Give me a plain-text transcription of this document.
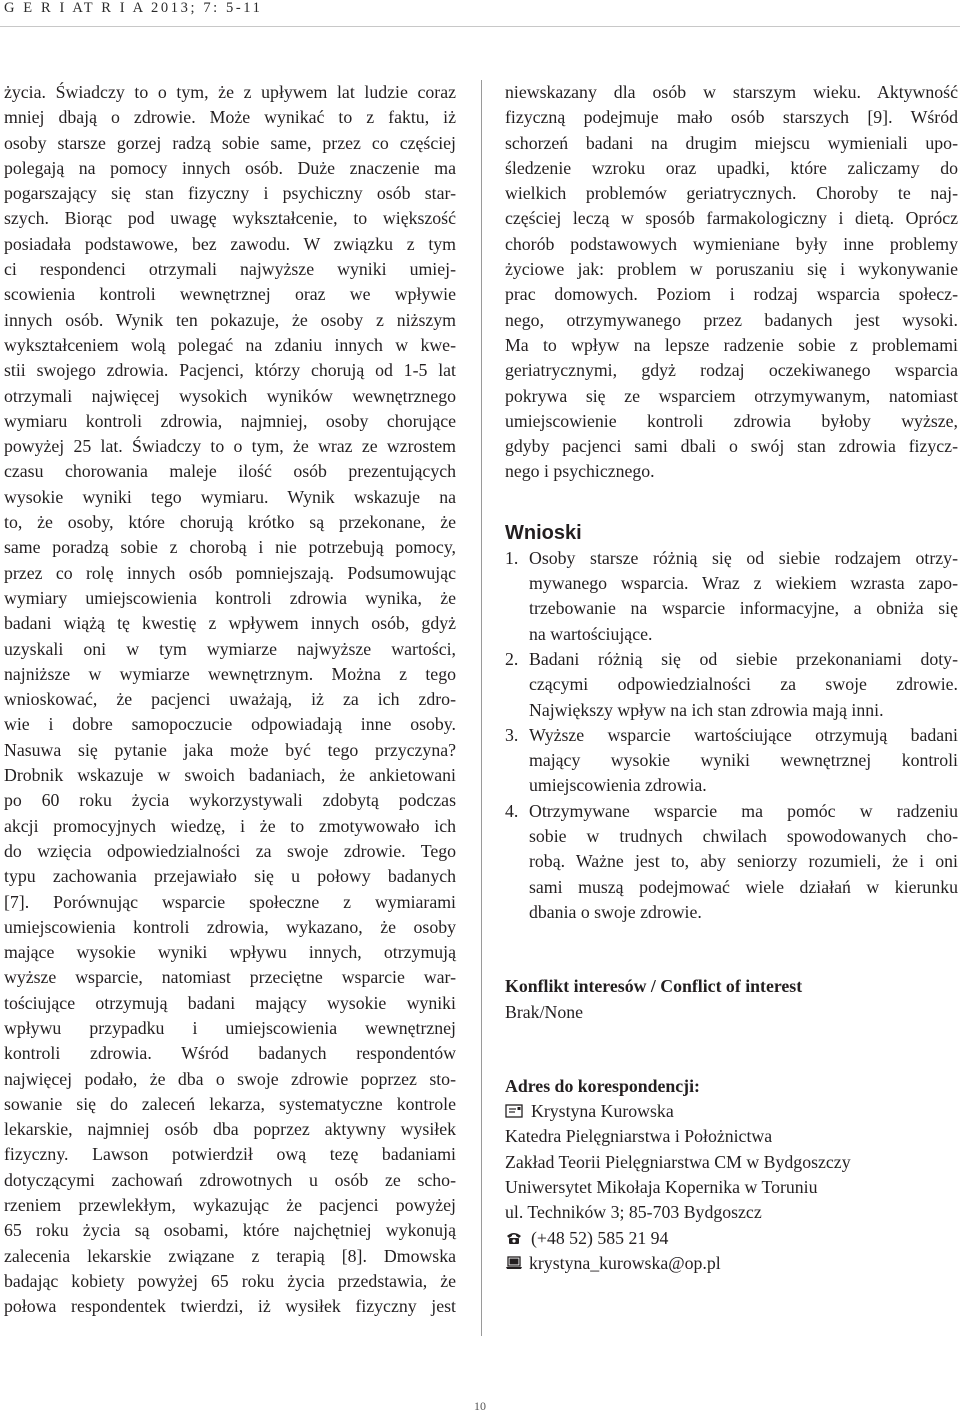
G E R I AT R I A 2013; 7: 5-11

życia. Świadczy to o tym, że z upływem lat ludzie coraz

mniej dbają o zdrowie. Może wynikać to z faktu, iż

osoby starsze gorzej radzą sobie same, przez co częściej

polegają na pomocy innych osób. Duże znaczenie ma

pogarszający się stan fizyczny i psychiczny osób star-

szych. Biorąc pod uwagę wykształcenie, to większość

posiadała podstawowe, bez zawodu. W związku z tym

ci respondenci otrzymali najwyższe wyniki umiej-

scowienia kontroli wewnętrznej oraz we wpływie

innych osób. Wynik ten pokazuje, że osoby z niższym

wykształceniem wolą polegać na zdaniu innych w kwe-

stii swojego zdrowia. Pacjenci, którzy chorują od 1-5 lat

otrzymali najwięcej wysokich wyników wewnętrznego

wymiaru kontroli zdrowia, najmniej, osoby chorujące

powyżej 25 lat. Świadczy to o tym, że wraz ze wzrostem

czasu chorowania maleje ilość osób prezentujących

wysokie wyniki tego wymiaru. Wynik wskazuje na

to, że osoby, które chorują krótko są przekonane, że

same poradzą sobie z chorobą i nie potrzebują pomocy,

przez co rolę innych osób pomniejszają. Podsumowując

wymiary umiejscowienia kontroli zdrowia wynika, że

badani wiążą tę kwestię z wpływem innych osób, gdyż

uzyskali oni w tym wymiarze najwyższe wartości,

najniższe w wymiarze wewnętrznym. Można z tego

wnioskować, że pacjenci uważają, iż za ich zdro-

wie i dobre samopoczucie odpowiadają inne osoby.

Nasuwa się pytanie jaka może być tego przyczyna?

Drobnik wskazuje w swoich badaniach, że ankietowani

po 60 roku życia wykorzystywali zdobytą podczas

akcji promocyjnych wiedzę, i że to zmotywowało ich

do wzięcia odpowiedzialności za swoje zdrowie. Tego

typu zachowania przejawiało się u połowy badanych

[7]. Porównując wsparcie społeczne z wymiarami

umiejscowienia kontroli zdrowia, wykazano, że osoby

mające wysokie wyniki wpływu innych, otrzymują

wyższe wsparcie, natomiast przeciętne wsparcie war-

tościujące otrzymują badani mający wysokie wyniki

wpływu przypadku i umiejscowienia wewnętrznej

kontroli zdrowia. Wśród badanych respondentów

najwięcej podało, że dba o swoje zdrowie poprzez sto-

sowanie się do zaleceń lekarza, systematyczne kontrole

lekarskie, najmniej osób dba poprzez aktywny wysiłek

fizyczny. Lawson potwierdził ową tezę badaniami

dotyczącymi zachowań zdrowotnych u osób ze scho-

rzeniem przewlekłym, wykazując że pacjenci powyżej

65 roku życia są osobami, które najchętniej wykonują

zalecenia lekarskie związane z terapią [8]. Dmowska

badając kobiety powyżej 65 roku życia przedstawia, że

połowa respondentek twierdzi, iż wysiłek fizyczny jest

niewskazany dla osób w starszym wieku. Aktywność

fizyczną podejmuje mało osób starszych [9]. Wśród

schorzeń badani na drugim miejscu wymieniali upo-

śledzenie wzroku oraz upadki, które zaliczamy do

wielkich problemów geriatrycznych. Choroby te naj-

częściej leczą w sposób farmakologiczny i dietą. Oprócz

chorób podstawowych wymieniane były inne problemy

życiowe jak: problem w poruszaniu się i wykonywanie

prac domowych. Poziom i rodzaj wsparcia społecz-

nego, otrzymywanego przez badanych jest wysoki.

Ma to wpływ na lepsze radzenie sobie z problemami

geriatrycznymi, gdyż rodzaj oczekiwanego wsparcia

pokrywa się ze wsparciem otrzymywanym, natomiast

umiejscowienie kontroli zdrowia byłoby wyższe,

gdyby pacjenci sami dbali o swój stan zdrowia fizycz-

nego i psychicznego.

Wnioski
1. Osoby starsze różnią się od siebie rodzajem otrzy-

mywanego wsparcia. Wraz z wiekiem wzrasta zapo-

trzebowanie na wsparcie informacyjne, a obniża się

na wartościujące.

2. Badani różnią się od siebie przekonaniami doty-

czącymi odpowiedzialności za swoje zdrowie.

Największy wpływ na ich stan zdrowia mają inni.

3. Wyższe wsparcie wartościujące otrzymują badani

mający wysokie wyniki wewnętrznej kontroli

umiejscowienia zdrowia.

4. Otrzymywane wsparcie ma pomóc w radzeniu

sobie w trudnych chwilach spowodowanych cho-

robą. Ważne jest to, aby seniorzy rozumieli, że i oni

sami muszą podejmować wiele działań w kierunku

dbania o swoje zdrowie.

Konflikt interesów / Conflict of interest
Brak/None
Adres do korespondencji:
Krystyna Kurowska
Katedra Pielęgniarstwa i Położnictwa
Zakład Teorii Pielęgniarstwa CM w Bydgoszczy
Uniwersytet Mikołaja Kopernika w Toruniu
ul. Techników 3; 85-703 Bydgoszcz
(+48 52) 585 21 94
krystyna_kurowska@op.pl
10
